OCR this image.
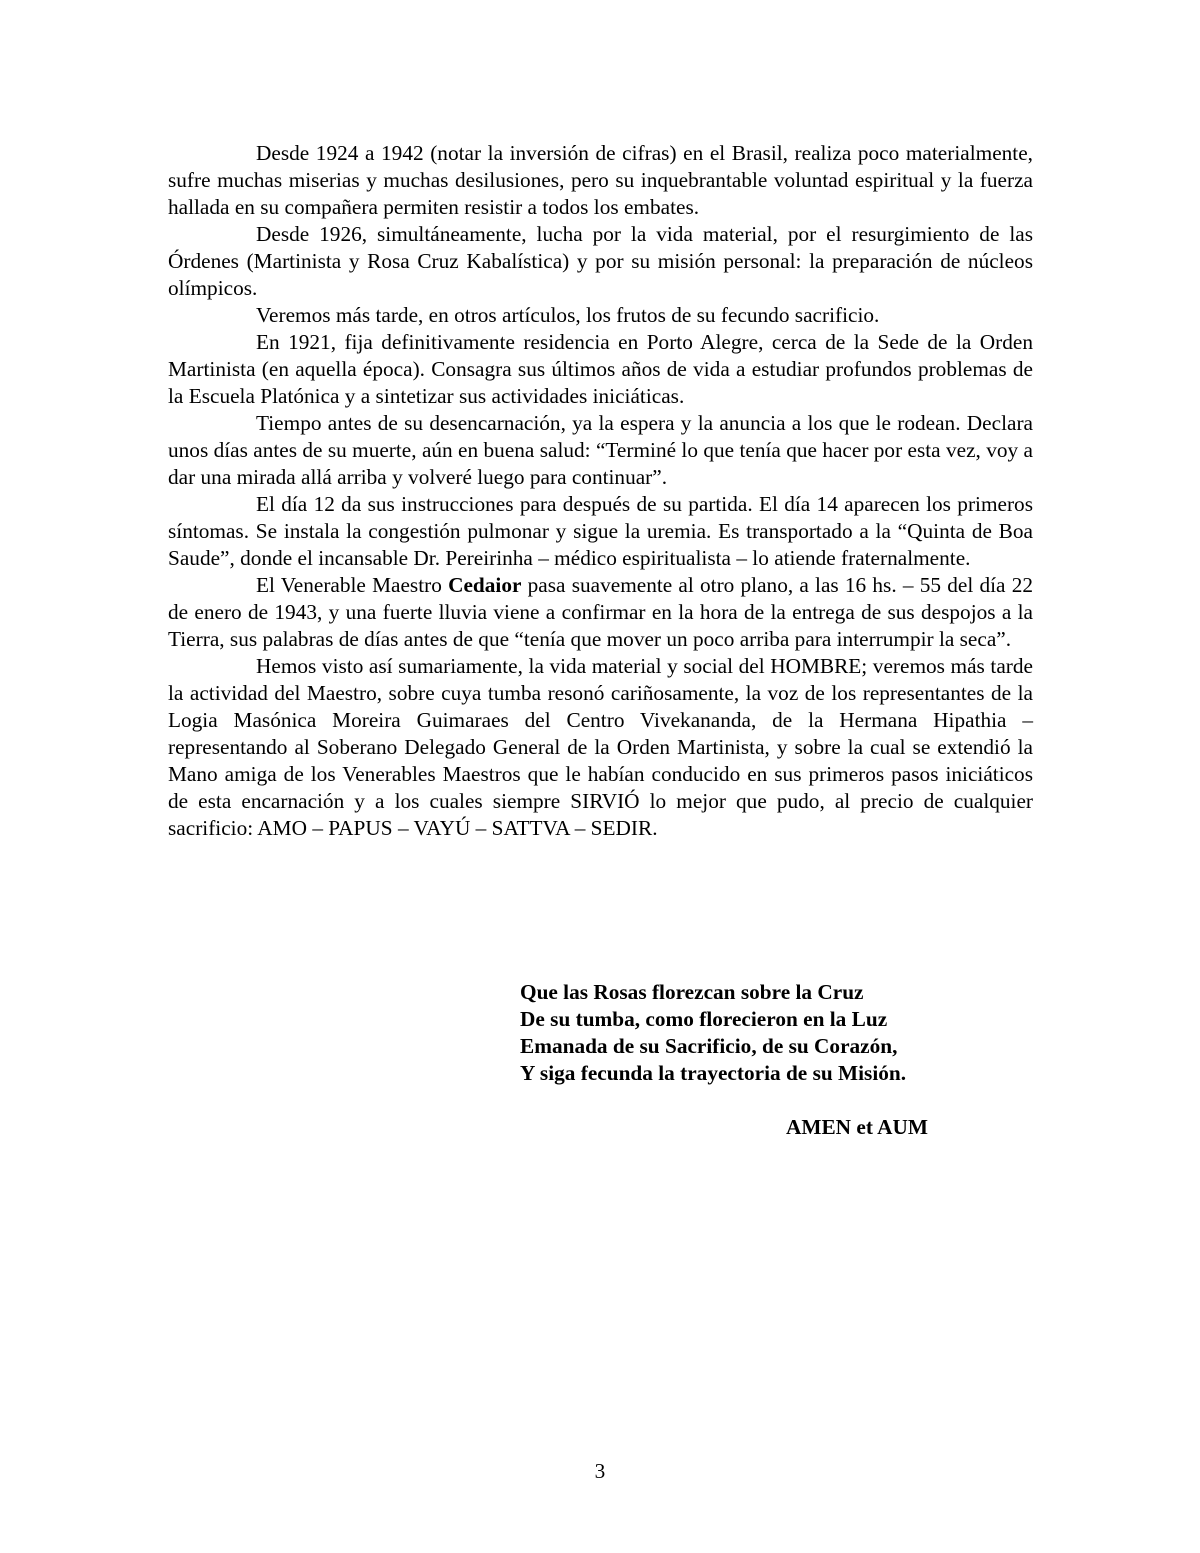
Desde 1924 a 1942 (notar la inversión de cifras) en el Brasil, realiza poco materialmente, sufre muchas miserias y muchas desilusiones, pero su inquebrantable voluntad espiritual y la fuerza hallada en su compañera permiten resistir a todos los embates.

Desde 1926, simultáneamente, lucha por la vida material, por el resurgimiento de las Órdenes (Martinista y Rosa Cruz Kabalística) y por su misión personal: la preparación de núcleos olímpicos.

Veremos más tarde, en otros artículos, los frutos de su fecundo sacrificio.

En 1921, fija definitivamente residencia en Porto Alegre, cerca de la Sede de la Orden Martinista (en aquella época). Consagra sus últimos años de vida a estudiar profundos problemas de la Escuela Platónica y a sintetizar sus actividades iniciáticas.

Tiempo antes de su desencarnación, ya la espera y la anuncia a los que le rodean. Declara unos días antes de su muerte, aún en buena salud: “Terminé lo que tenía que hacer por esta vez, voy a dar una mirada allá arriba y volveré luego para continuar”.

El día 12 da sus instrucciones para después de su partida. El día 14 aparecen los primeros síntomas. Se instala la congestión pulmonar y sigue la uremia. Es transportado a la “Quinta de Boa Saude”, donde el incansable Dr. Pereirinha – médico espiritualista – lo atiende fraternalmente.

El Venerable Maestro Cedaior pasa suavemente al otro plano, a las 16 hs. – 55 del día 22 de enero de 1943, y una fuerte lluvia viene a confirmar en la hora de la entrega de sus despojos a la Tierra, sus palabras de días antes de que “tenía que mover un poco arriba para interrumpir la seca”.

Hemos visto así sumariamente, la vida material y social del HOMBRE; veremos más tarde la actividad del Maestro, sobre cuya tumba resonó cariñosamente, la voz de los representantes de la Logia Masónica Moreira Guimaraes del Centro Vivekananda, de la Hermana Hipathia – representando al Soberano Delegado General de la Orden Martinista, y sobre la cual se extendió la Mano amiga de los Venerables Maestros que le habían conducido en sus primeros pasos iniciáticos de esta encarnación y a los cuales siempre SIRVIÓ lo mejor que pudo, al precio de cualquier sacrificio: AMO – PAPUS – VAYÚ – SATTVA – SEDIR.

Que las Rosas florezcan sobre la Cruz
De su tumba, como florecieron en la Luz
Emanada de su Sacrificio, de su Corazón,
Y siga fecunda la trayectoria de su Misión.
AMEN et AUM
3
